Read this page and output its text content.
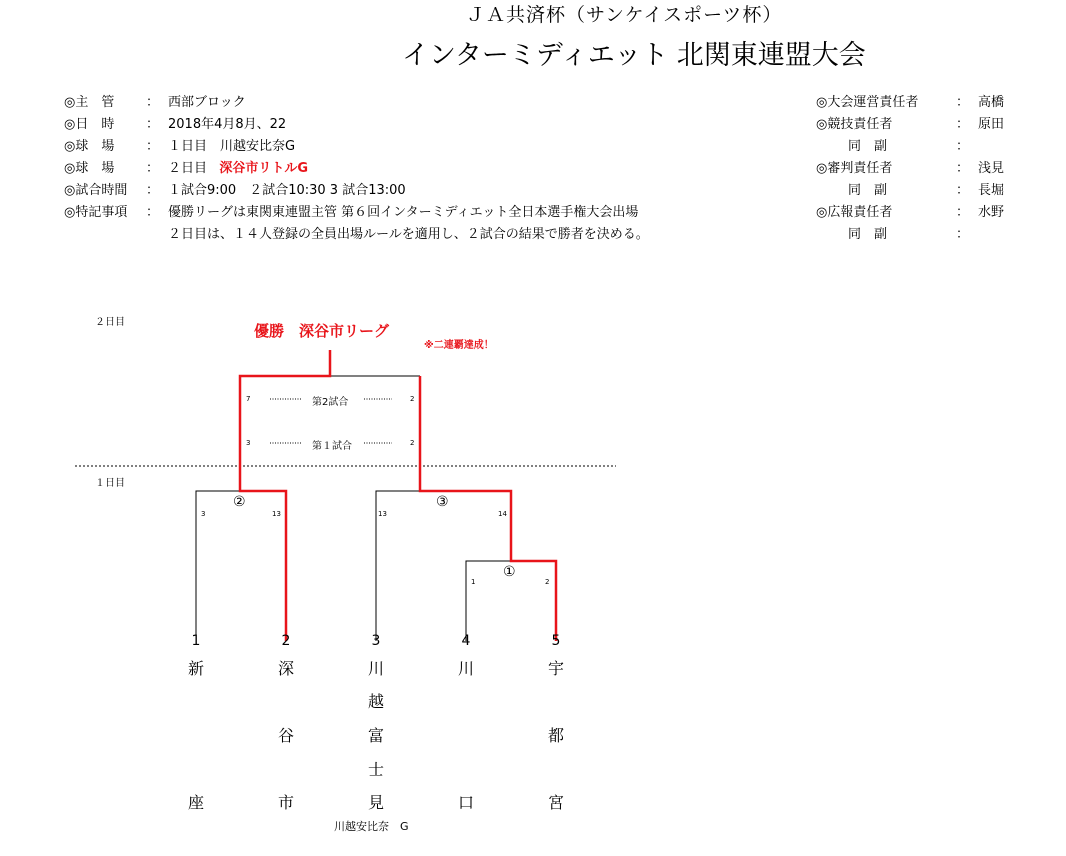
ＪＡ共済杯（サンケイスポーツ杯）
インターミディエット 北関東連盟大会
◎主　管 ： 西部ブロック
◎日　時 ： 2018年4月8月、22
◎球　場 ： １日目　川越安比奈G
◎球　場 ： ２日目 深谷市リトルG
◎試合時間 ： １試合9:00　２試合10:30 3 試合13:00
◎特記事項 ： 優勝リーグは東関東連盟主管 第６回インターミディエット全日本選手権大会出場
２日目は、１４人登録の全員出場ルールを適用し、２試合の結果で勝者を決める。
◎大会運営責任者	： 高橋
◎競技責任者	： 原田
同　副	：
◎審判責任者	： 浅見
同　副	： 長堀
◎広報責任者	： 水野
同　副	：
２日目
１日目
優勝　深谷市リーグ
※二連覇達成！
7	第2試合	2
3	第１試合	2
②	③
①
3	13	13	14
1	2
1	2	3	4	5
新
座
深
谷
市
川
越
富
士
見
川
口
宇
都
宮
川越安比奈　G
